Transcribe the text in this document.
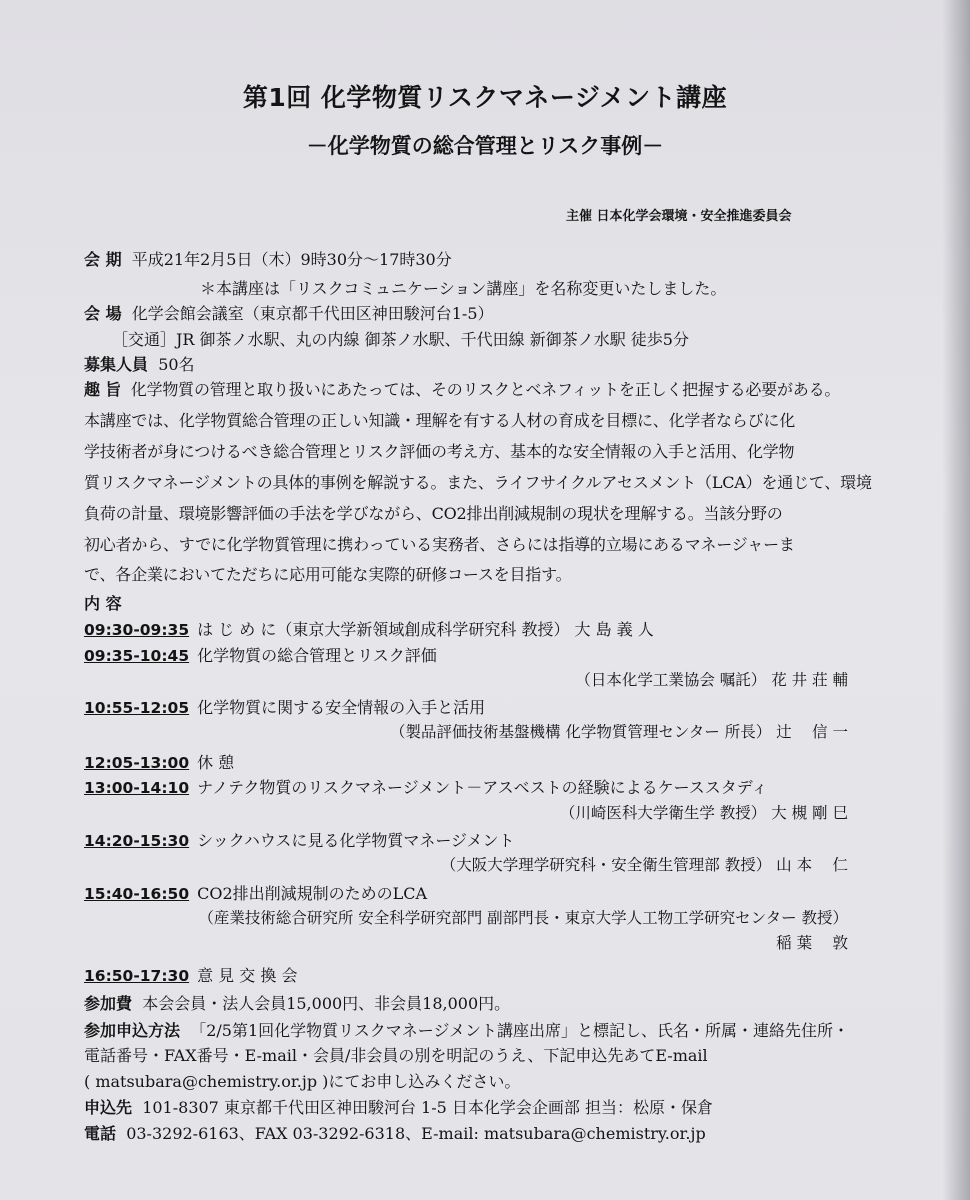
第1回 化学物質リスクマネージメント講座
－化学物質の総合管理とリスク事例－
主催 日本化学会環境・安全推進委員会
会 期 平成21年2月5日（木）9時30分～17時30分
＊本講座は「リスクコミュニケーション講座」を名称変更いたしました。
会 場 化学会館会議室（東京都千代田区神田駿河台1-5）
［交通］JR 御茶ノ水駅、丸の内線 御茶ノ水駅、千代田線 新御茶ノ水駅 徒歩5分
募集人員 50名
趣 旨 化学物質の管理と取り扱いにあたっては、そのリスクとベネフィットを正しく把握する必要がある。
本講座では、化学物質総合管理の正しい知識・理解を有する人材の育成を目標に、化学者ならびに化
学技術者が身につけるべき総合管理とリスク評価の考え方、基本的な安全情報の入手と活用、化学物
質リスクマネージメントの具体的事例を解説する。また、ライフサイクルアセスメント（LCA）を通じて、環境
負荷の計量、環境影響評価の手法を学びながら、CO2排出削減規制の現状を理解する。当該分野の
初心者から、すでに化学物質管理に携わっている実務者、さらには指導的立場にあるマネージャーま
で、各企業においてただちに応用可能な実際的研修コースを目指す。
内 容
09:30-09:35 は じ め に（東京大学新領域創成科学研究科 教授） 大 島 義 人
09:35-10:45 化学物質の総合管理とリスク評価
（日本化学工業協会 嘱託） 花 井 荘 輔
10:55-12:05 化学物質に関する安全情報の入手と活用
（製品評価技術基盤機構 化学物質管理センター 所長） 辻　 信 一
12:05-13:00 休 憩
13:00-14:10 ナノテク物質のリスクマネージメント－アスベストの経験によるケーススタディ
（川崎医科大学衛生学 教授） 大 槻 剛 巳
14:20-15:30 シックハウスに見る化学物質マネージメント
（大阪大学理学研究科・安全衛生管理部 教授） 山 本　 仁
15:40-16:50 CO2排出削減規制のためのLCA
（産業技術総合研究所 安全科学研究部門 副部門長・東京大学人工物工学研究センター 教授）
稲 葉　 敦
16:50-17:30 意 見 交 換 会
参加費 本会会員・法人会員15,000円、非会員18,000円。
参加申込方法 「2/5第1回化学物質リスクマネージメント講座出席」と標記し、氏名・所属・連絡先住所・
電話番号・FAX番号・E-mail・会員/非会員の別を明記のうえ、下記申込先あてE-mail
( matsubara@chemistry.or.jp )にてお申し込みください。
申込先 101-8307 東京都千代田区神田駿河台 1-5 日本化学会企画部 担当：松原・保倉
電話 03-3292-6163、FAX 03-3292-6318、E-mail: matsubara@chemistry.or.jp
